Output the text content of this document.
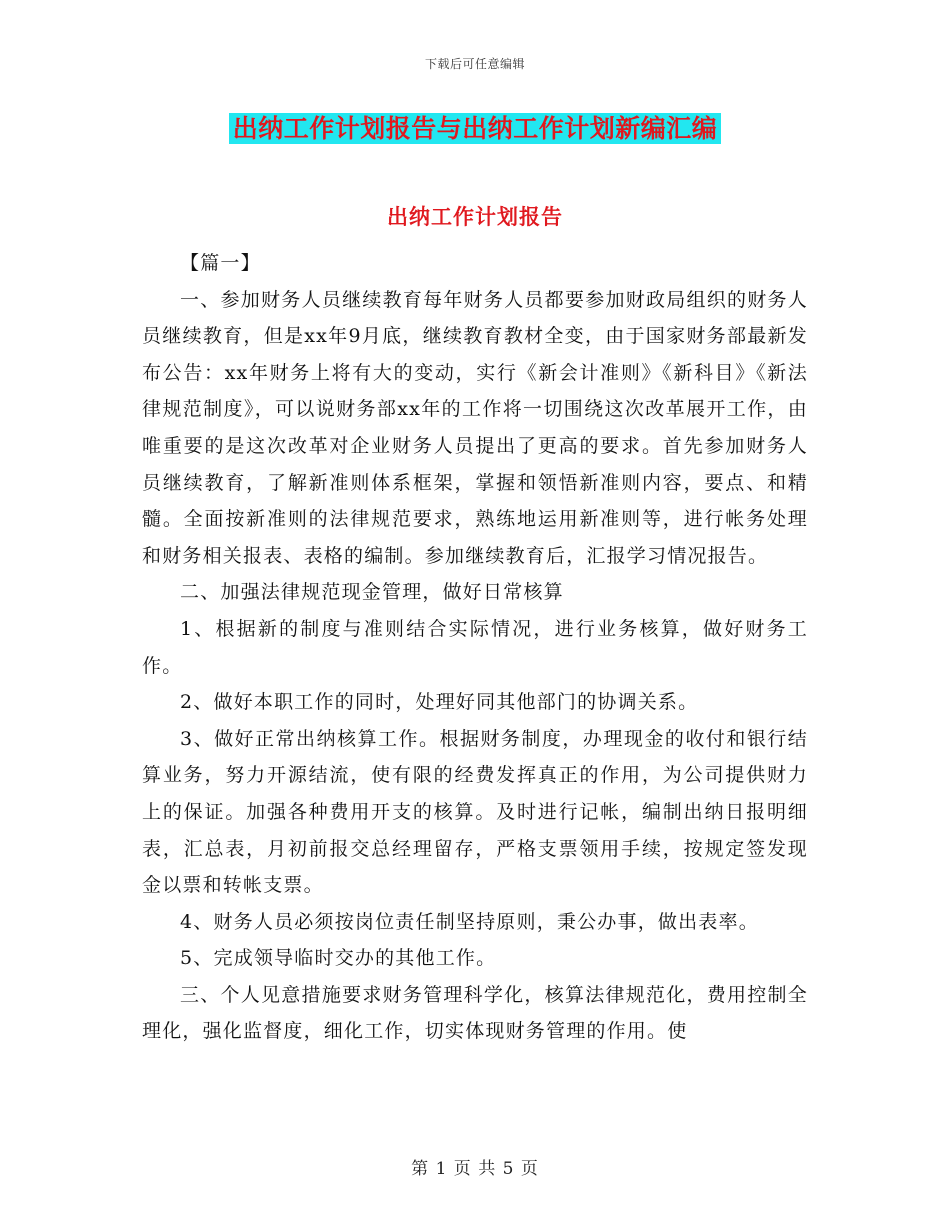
下载后可任意编辑
出纳工作计划报告与出纳工作计划新编汇编
出纳工作计划报告

【篇一】

一、参加财务人员继续教育每年财务人员都要参加财政局组织的财务人员继续教育，但是xx年9月底，继续教育教材全变，由于国家财务部最新发布公告：xx年财务上将有大的变动，实行《新会计准则》《新科目》《新法律规范制度》，可以说财务部xx年的工作将一切围绕这次改革展开工作，由唯重要的是这次改革对企业财务人员提出了更高的要求。首先参加财务人员继续教育，了解新准则体系框架，掌握和领悟新准则内容，要点、和精髓。全面按新准则的法律规范要求，熟练地运用新准则等，进行帐务处理和财务相关报表、表格的编制。参加继续教育后，汇报学习情况报告。

二、加强法律规范现金管理，做好日常核算

1、根据新的制度与准则结合实际情况，进行业务核算，做好财务工作。

2、做好本职工作的同时，处理好同其他部门的协调关系。

3、做好正常出纳核算工作。根据财务制度，办理现金的收付和银行结算业务，努力开源结流，使有限的经费发挥真正的作用，为公司提供财力上的保证。加强各种费用开支的核算。及时进行记帐，编制出纳日报明细表，汇总表，月初前报交总经理留存，严格支票领用手续，按规定签发现金以票和转帐支票。

4、财务人员必须按岗位责任制坚持原则，秉公办事，做出表率。

5、完成领导临时交办的其他工作。

三、个人见意措施要求财务管理科学化，核算法律规范化，费用控制全理化，强化监督度，细化工作，切实体现财务管理的作用。使

第 1 页 共 5 页
